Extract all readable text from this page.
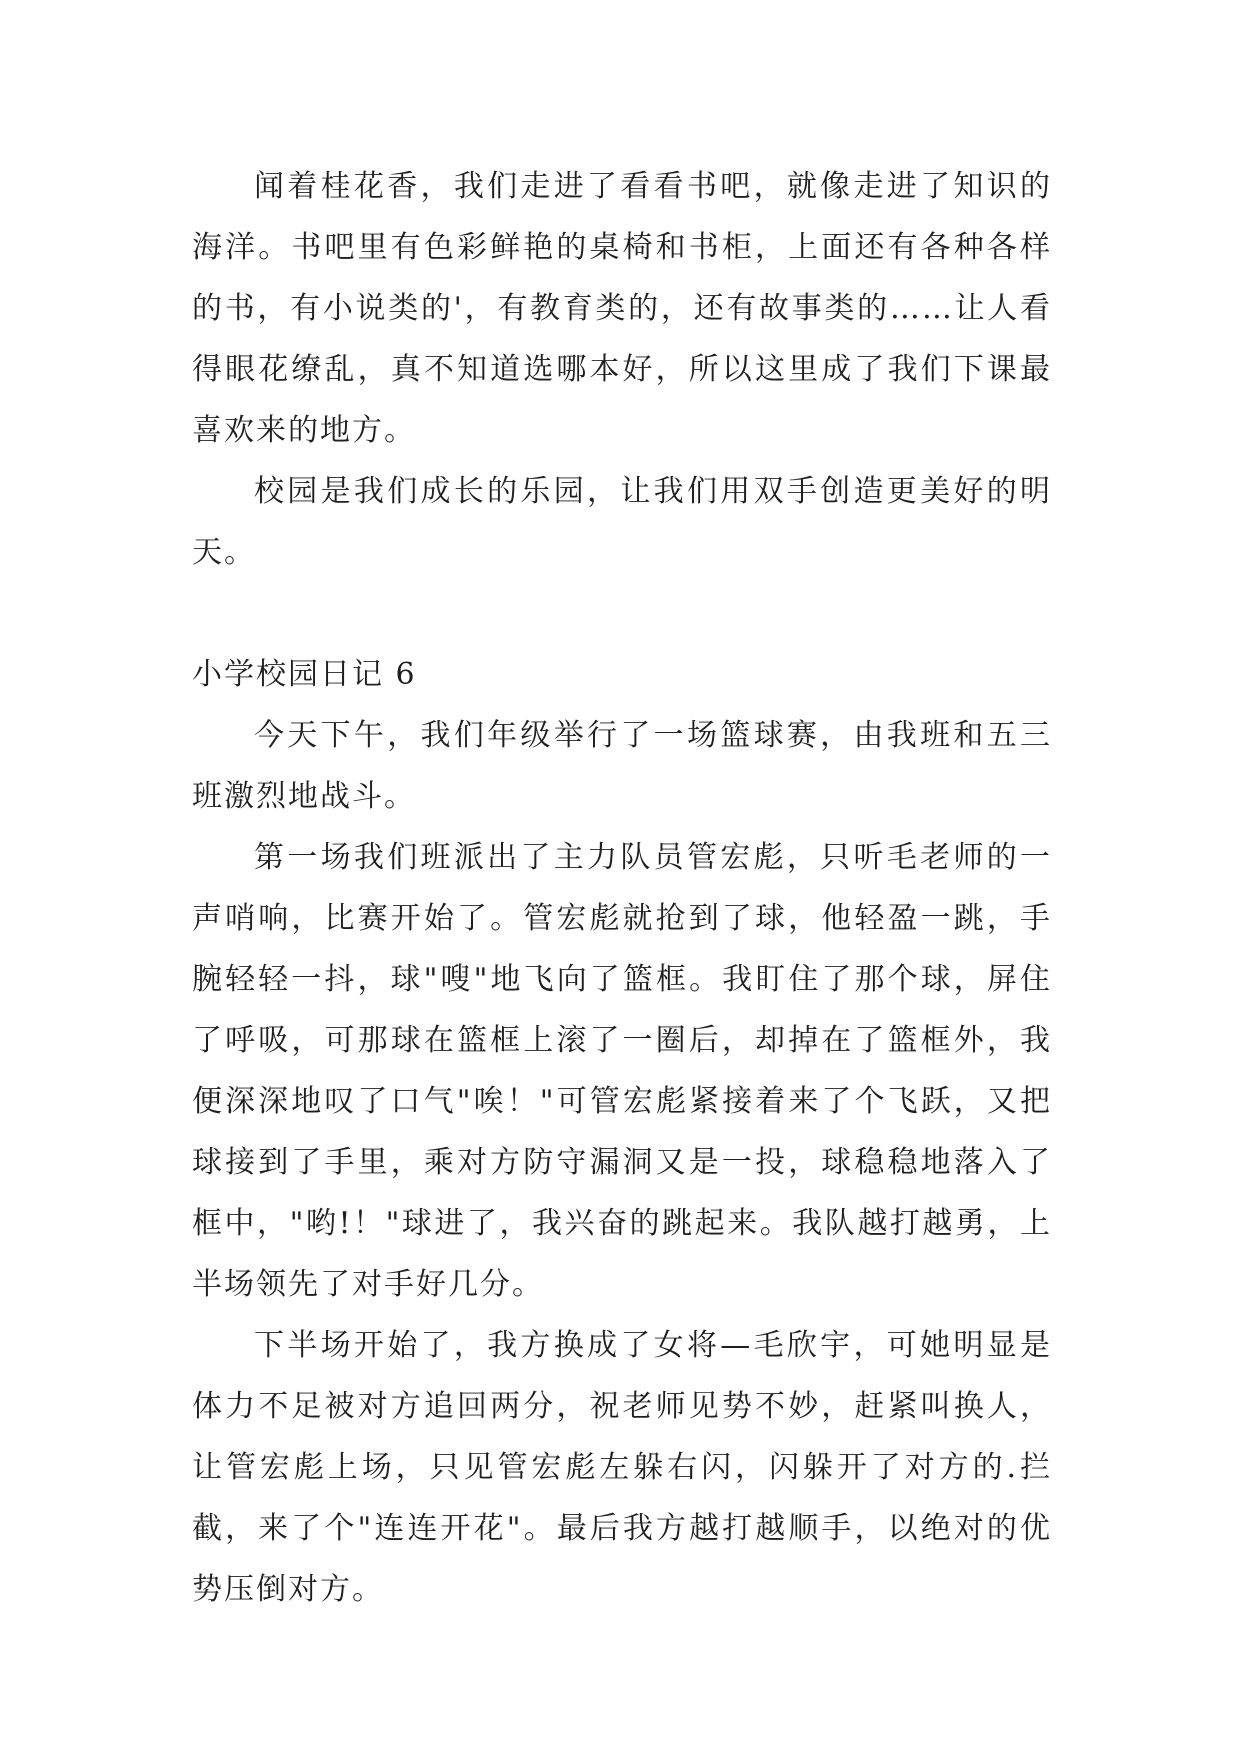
闻着桂花香，我们走进了看看书吧，就像走进了知识的海洋。书吧里有色彩鲜艳的桌椅和书柜，上面还有各种各样的书，有小说类的'，有教育类的，还有故事类的……让人看得眼花缭乱，真不知道选哪本好，所以这里成了我们下课最喜欢来的地方。

校园是我们成长的乐园，让我们用双手创造更美好的明天。

小学校园日记 6

今天下午，我们年级举行了一场篮球赛，由我班和五三班激烈地战斗。

第一场我们班派出了主力队员管宏彪，只听毛老师的一声哨响，比赛开始了。管宏彪就抢到了球，他轻盈一跳，手腕轻轻一抖，球"嗖"地飞向了篮框。我盯住了那个球，屏住了呼吸，可那球在篮框上滚了一圈后，却掉在了篮框外，我便深深地叹了口气"唉！"可管宏彪紧接着来了个飞跃，又把球接到了手里，乘对方防守漏洞又是一投，球稳稳地落入了框中，"哟!！"球进了，我兴奋的跳起来。我队越打越勇，上半场领先了对手好几分。

下半场开始了，我方换成了女将—毛欣宇，可她明显是体力不足被对方追回两分，祝老师见势不妙，赶紧叫换人，让管宏彪上场，只见管宏彪左躲右闪，闪躲开了对方的.拦截，来了个"连连开花"。最后我方越打越顺手，以绝对的优势压倒对方。
